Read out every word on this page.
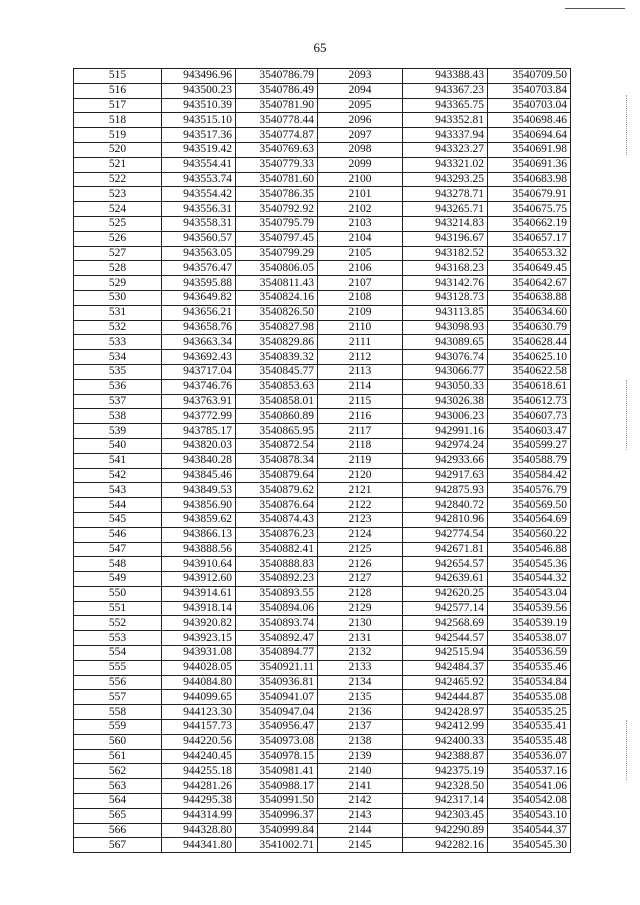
65
515	943496.96	3540786.79	2093	943388.43	3540709.50
516	943500.23	3540786.49	2094	943367.23	3540703.84
517	943510.39	3540781.90	2095	943365.75	3540703.04
518	943515.10	3540778.44	2096	943352.81	3540698.46
519	943517.36	3540774.87	2097	943337.94	3540694.64
520	943519.42	3540769.63	2098	943323.27	3540691.98
521	943554.41	3540779.33	2099	943321.02	3540691.36
522	943553.74	3540781.60	2100	943293.25	3540683.98
523	943554.42	3540786.35	2101	943278.71	3540679.91
524	943556.31	3540792.92	2102	943265.71	3540675.75
525	943558.31	3540795.79	2103	943214.83	3540662.19
526	943560.57	3540797.45	2104	943196.67	3540657.17
527	943563.05	3540799.29	2105	943182.52	3540653.32
528	943576.47	3540806.05	2106	943168.23	3540649.45
529	943595.88	3540811.43	2107	943142.76	3540642.67
530	943649.82	3540824.16	2108	943128.73	3540638.88
531	943656.21	3540826.50	2109	943113.85	3540634.60
532	943658.76	3540827.98	2110	943098.93	3540630.79
533	943663.34	3540829.86	2111	943089.65	3540628.44
534	943692.43	3540839.32	2112	943076.74	3540625.10
535	943717.04	3540845.77	2113	943066.77	3540622.58
536	943746.76	3540853.63	2114	943050.33	3540618.61
537	943763.91	3540858.01	2115	943026.38	3540612.73
538	943772.99	3540860.89	2116	943006.23	3540607.73
539	943785.17	3540865.95	2117	942991.16	3540603.47
540	943820.03	3540872.54	2118	942974.24	3540599.27
541	943840.28	3540878.34	2119	942933.66	3540588.79
542	943845.46	3540879.64	2120	942917.63	3540584.42
543	943849.53	3540879.62	2121	942875.93	3540576.79
544	943856.90	3540876.64	2122	942840.72	3540569.50
545	943859.62	3540874.43	2123	942810.96	3540564.69
546	943866.13	3540876.23	2124	942774.54	3540560.22
547	943888.56	3540882.41	2125	942671.81	3540546.88
548	943910.64	3540888.83	2126	942654.57	3540545.36
549	943912.60	3540892.23	2127	942639.61	3540544.32
550	943914.61	3540893.55	2128	942620.25	3540543.04
551	943918.14	3540894.06	2129	942577.14	3540539.56
552	943920.82	3540893.74	2130	942568.69	3540539.19
553	943923.15	3540892.47	2131	942544.57	3540538.07
554	943931.08	3540894.77	2132	942515.94	3540536.59
555	944028.05	3540921.11	2133	942484.37	3540535.46
556	944084.80	3540936.81	2134	942465.92	3540534.84
557	944099.65	3540941.07	2135	942444.87	3540535.08
558	944123.30	3540947.04	2136	942428.97	3540535.25
559	944157.73	3540956.47	2137	942412.99	3540535.41
560	944220.56	3540973.08	2138	942400.33	3540535.48
561	944240.45	3540978.15	2139	942388.87	3540536.07
562	944255.18	3540981.41	2140	942375.19	3540537.16
563	944281.26	3540988.17	2141	942328.50	3540541.06
564	944295.38	3540991.50	2142	942317.14	3540542.08
565	944314.99	3540996.37	2143	942303.45	3540543.10
566	944328.80	3540999.84	2144	942290.89	3540544.37
567	944341.80	3541002.71	2145	942282.16	3540545.30
